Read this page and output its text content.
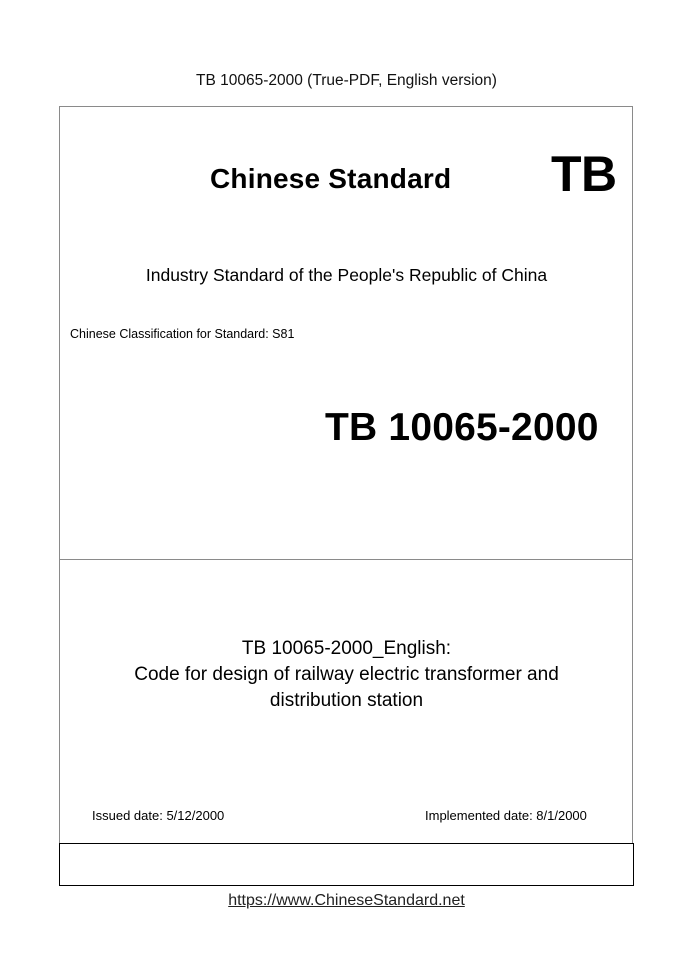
TB 10065-2000 (True-PDF, English version)
Chinese Standard TB
Industry Standard of the People's Republic of China
Chinese Classification for Standard: S81
TB 10065-2000
TB 10065-2000_English:
Code for design of railway electric transformer and
distribution station
Issued date: 5/12/2000	Implemented date: 8/1/2000
https://www.ChineseStandard.net
